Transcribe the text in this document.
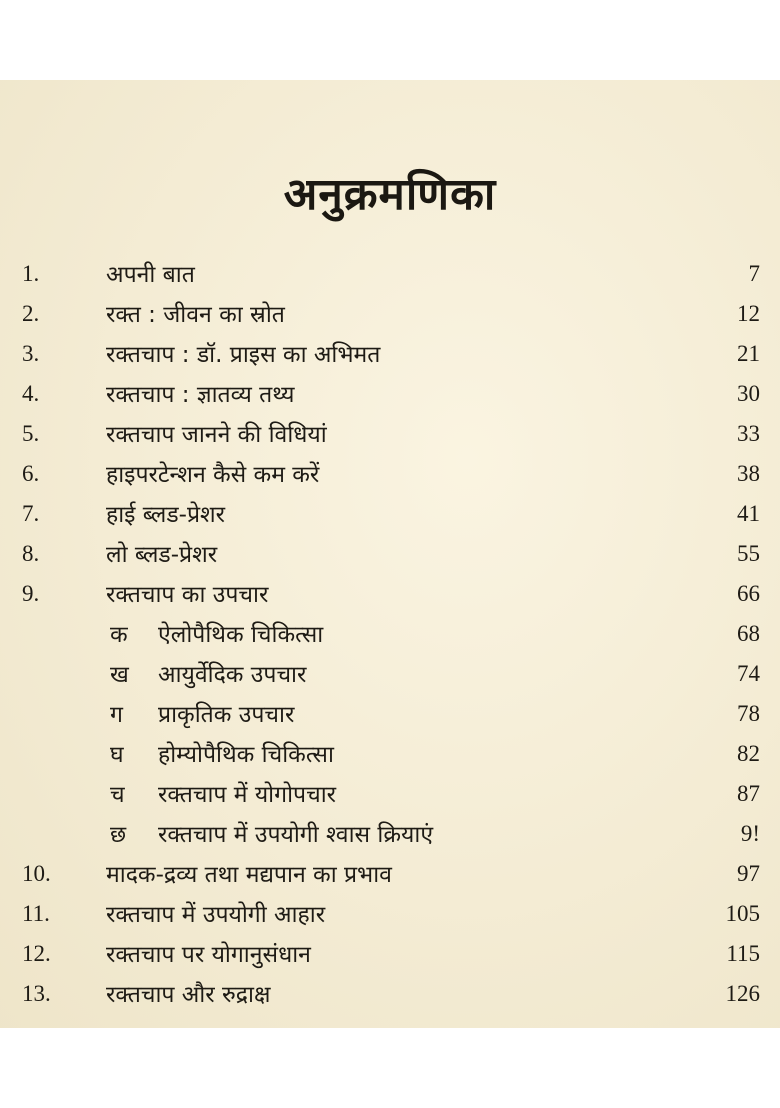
अनुक्रमणिका
1.	अपनी बात	7
2.	रक्त : जीवन का स्रोत	12
3.	रक्तचाप : डॉ. प्राइस का अभिमत	21
4.	रक्तचाप : ज्ञातव्य तथ्य	30
5.	रक्तचाप जानने की विधियां	33
6.	हाइपरटेन्शन कैसे कम करें	38
7.	हाई ब्लड-प्रेशर	41
8.	लो ब्लड-प्रेशर	55
9.	रक्तचाप का उपचार	66
क ऐलोपैथिक चिकित्सा	68
ख आयुर्वेदिक उपचार	74
ग प्राकृतिक उपचार	78
घ होम्योपैथिक चिकित्सा	82
च रक्तचाप में योगोपचार	87
छ रक्तचाप में उपयोगी श्वास क्रियाएं	9!
10.	मादक-द्रव्य तथा मद्यपान का प्रभाव	97
11.	रक्तचाप में उपयोगी आहार	105
12.	रक्तचाप पर योगानुसंधान	115
13.	रक्तचाप और रुद्राक्ष	126
